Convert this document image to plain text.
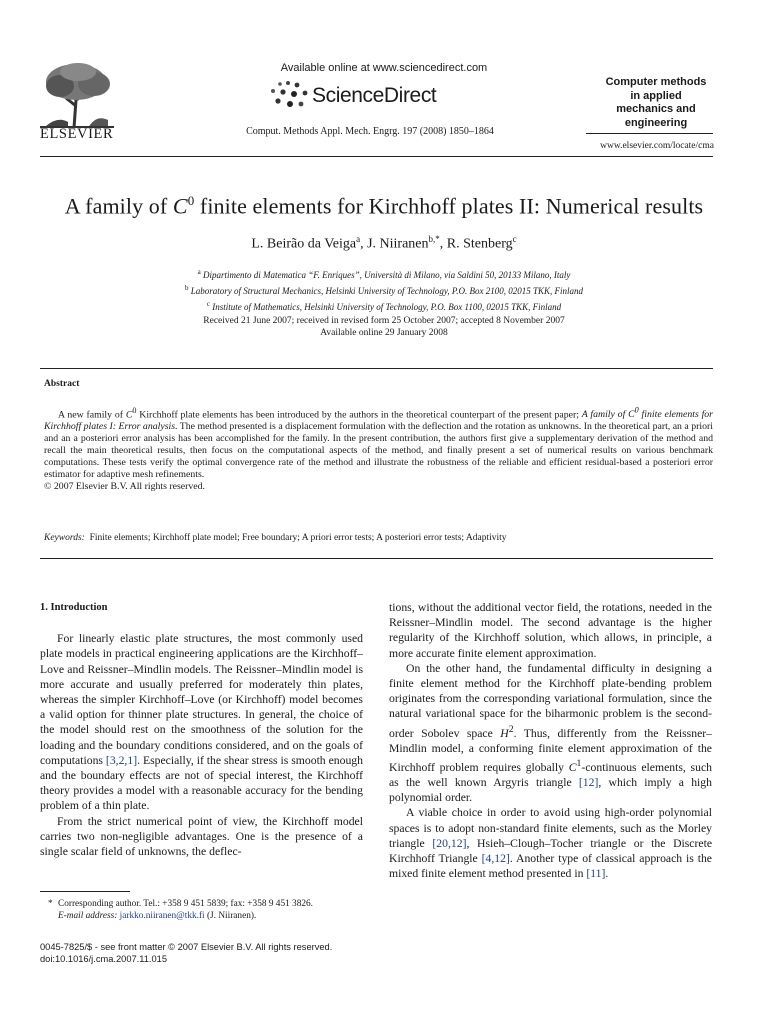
ELSEVIER
Available online at www.sciencedirect.com
ScienceDirect
Comput. Methods Appl. Mech. Engrg. 197 (2008) 1850–1864
Computer methods
in applied
mechanics and
engineering
www.elsevier.com/locate/cma
A family of $C^0$ finite elements for Kirchhoff plates II: Numerical results
L. Beirão da Veiga$^a$, J. Niiranen$^{b,*}$, R. Stenberg$^c$
$^a$ Dipartimento di Matematica “F. Enriques”, Università di Milano, via Saldini 50, 20133 Milano, Italy
$^b$ Laboratory of Structural Mechanics, Helsinki University of Technology, P.O. Box 2100, 02015 TKK, Finland
$^c$ Institute of Mathematics, Helsinki University of Technology, P.O. Box 1100, 02015 TKK, Finland
Received 21 June 2007; received in revised form 25 October 2007; accepted 8 November 2007
Available online 29 January 2008
Abstract

A new family of $C^0$ Kirchhoff plate elements has been introduced by the authors in the theoretical counterpart of the present paper; A family of $C^0$ finite elements for Kirchhoff plates I: Error analysis. The method presented is a displacement formulation with the deflection and the rotation as unknowns. In the theoretical part, an a priori and an a posteriori error analysis has been accomplished for the family. In the present contribution, the authors first give a supplementary derivation of the method and recall the main theoretical results, then focus on the computational aspects of the method, and finally present a set of numerical results on various benchmark computations. These tests verify the optimal convergence rate of the method and illustrate the robustness of the reliable and efficient residual-based a posteriori error estimator for adaptive mesh refinements.

© 2007 Elsevier B.V. All rights reserved.

Keywords: Finite elements; Kirchhoff plate model; Free boundary; A priori error tests; A posteriori error tests; Adaptivity
1. Introduction

For linearly elastic plate structures, the most commonly used plate models in practical engineering applications are the Kirchhoff–Love and Reissner–Mindlin models. The Reissner–Mindlin model is more accurate and usually preferred for moderately thin plates, whereas the simpler Kirchhoff–Love (or Kirchhoff) model becomes a valid option for thinner plate structures. In general, the choice of the model should rest on the smoothness of the solution for the loading and the boundary conditions considered, and on the goals of computations [3,2,1]. Especially, if the shear stress is smooth enough and the boundary effects are not of special interest, the Kirchhoff theory provides a model with a reasonable accuracy for the bending problem of a thin plate.

From the strict numerical point of view, the Kirchhoff model carries two non-negligible advantages. One is the presence of a single scalar field of unknowns, the deflec-

tions, without the additional vector field, the rotations, needed in the Reissner–Mindlin model. The second advantage is the higher regularity of the Kirchhoff solution, which allows, in principle, a more accurate finite element approximation.

On the other hand, the fundamental difficulty in designing a finite element method for the Kirchhoff plate-bending problem originates from the corresponding variational formulation, since the natural variational space for the biharmonic problem is the second-order Sobolev space $H^2$. Thus, differently from the Reissner–Mindlin model, a conforming finite element approximation of the Kirchhoff problem requires globally $C^1$-continuous elements, such as the well known Argyris triangle [12], which imply a high polynomial order.

A viable choice in order to avoid using high-order polynomial spaces is to adopt non-standard finite elements, such as the Morley triangle [20,12], Hsieh–Clough–Tocher triangle or the Discrete Kirchhoff Triangle [4,12]. Another type of classical approach is the mixed finite element method presented in [11].

* Corresponding author. Tel.: +358 9 451 5839; fax: +358 9 451 3826.
E-mail address: jarkko.niiranen@tkk.fi (J. Niiranen).
0045-7825/$ - see front matter © 2007 Elsevier B.V. All rights reserved.
doi:10.1016/j.cma.2007.11.015
